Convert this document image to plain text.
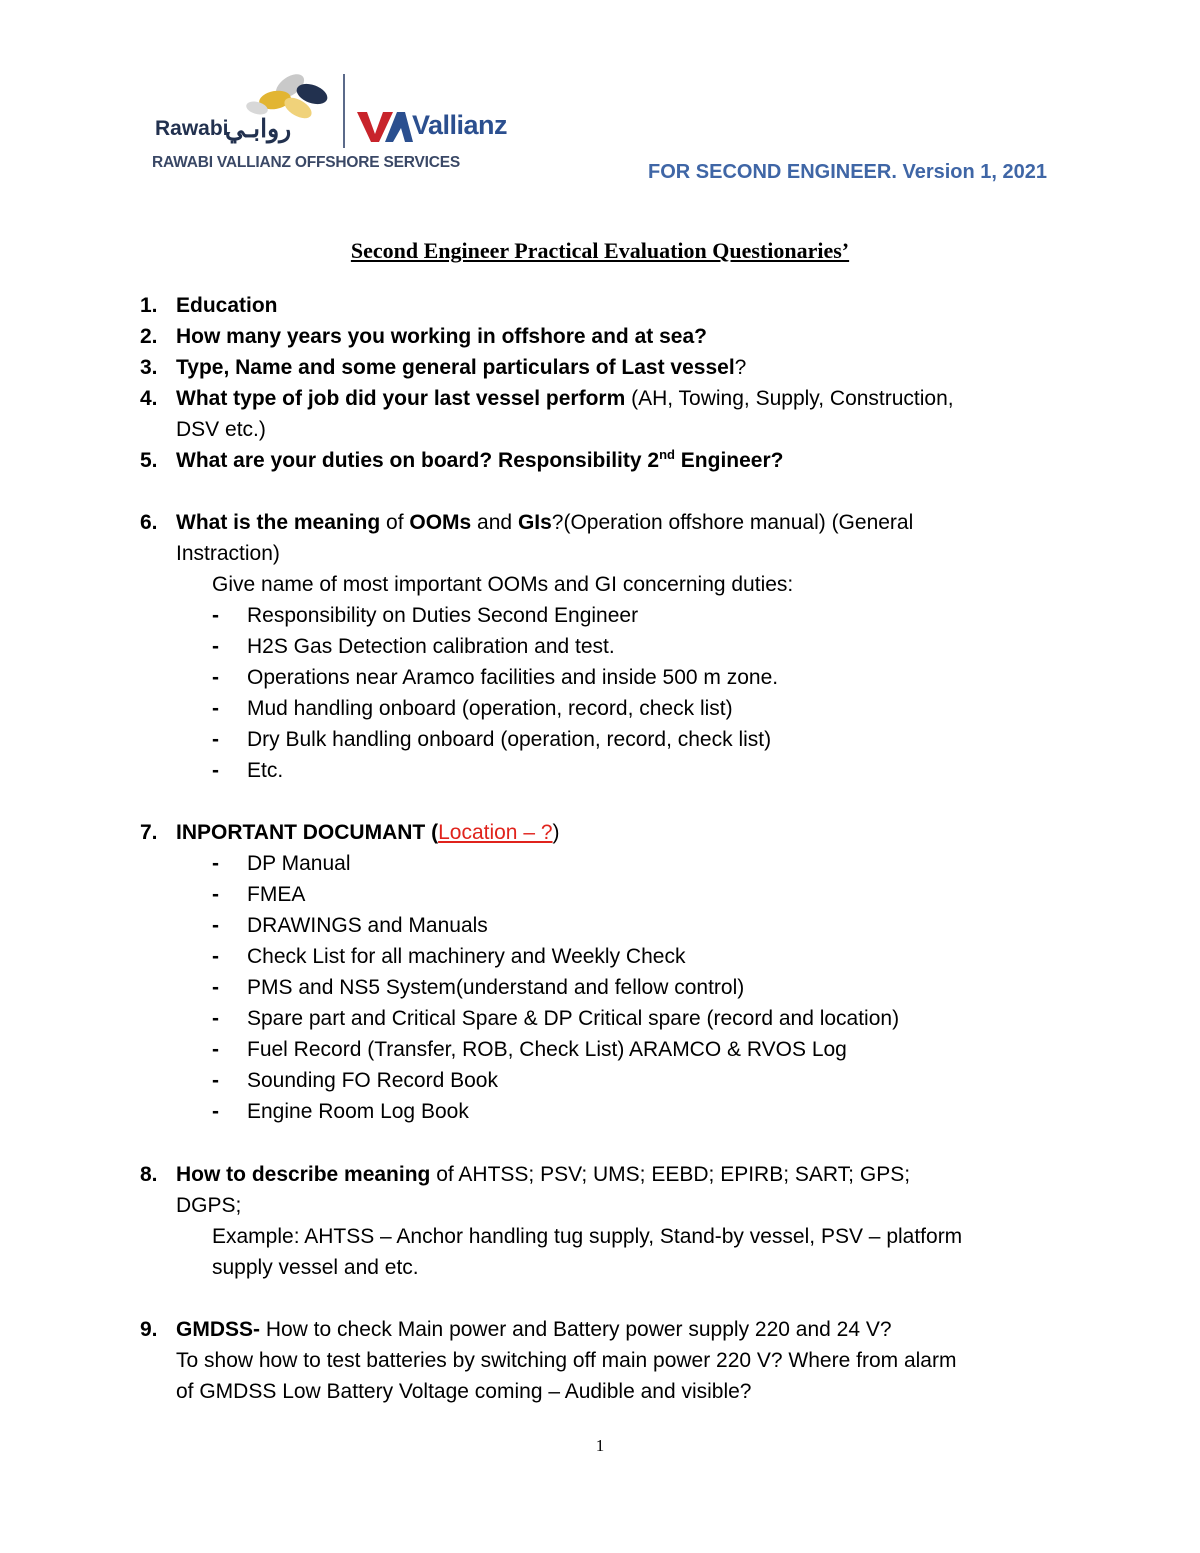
Rawabi
روابـي	Vallianz
RAWABI VALLIANZ OFFSHORE SERVICES	FOR SECOND ENGINEER. Version 1, 2021
Second Engineer Practical Evaluation Questionaries’
1. Education
2. How many years you working in offshore and at sea?
3. Type, Name and some general particulars of Last vessel?
4. What type of job did your last vessel perform (AH, Towing, Supply, Construction,
DSV etc.)
5. What are your duties on board? Responsibility 2nd Engineer?
6. What is the meaning of OOMs and GIs?(Operation offshore manual) (General
Instraction)
Give name of most important OOMs and GI concerning duties:
- Responsibility on Duties Second Engineer
- H2S Gas Detection calibration and test.
- Operations near Aramco facilities and inside 500 m zone.
- Mud handling onboard (operation, record, check list)
- Dry Bulk handling onboard (operation, record, check list)
- Etc.
7. INPORTANT DOCUMANT (Location – ?)
- DP Manual
- FMEA
- DRAWINGS and Manuals
- Check List for all machinery and Weekly Check
- PMS and NS5 System(understand and fellow control)
- Spare part and Critical Spare & DP Critical spare (record and location)
- Fuel Record (Transfer, ROB, Check List) ARAMCO & RVOS Log
- Sounding FO Record Book
- Engine Room Log Book
8. How to describe meaning of AHTSS; PSV; UMS; EEBD; EPIRB; SART; GPS;
DGPS;
Example: AHTSS – Anchor handling tug supply, Stand-by vessel, PSV – platform
supply vessel and etc.
9. GMDSS- How to check Main power and Battery power supply 220 and 24 V?
To show how to test batteries by switching off main power 220 V? Where from alarm
of GMDSS Low Battery Voltage coming – Audible and visible?
1
